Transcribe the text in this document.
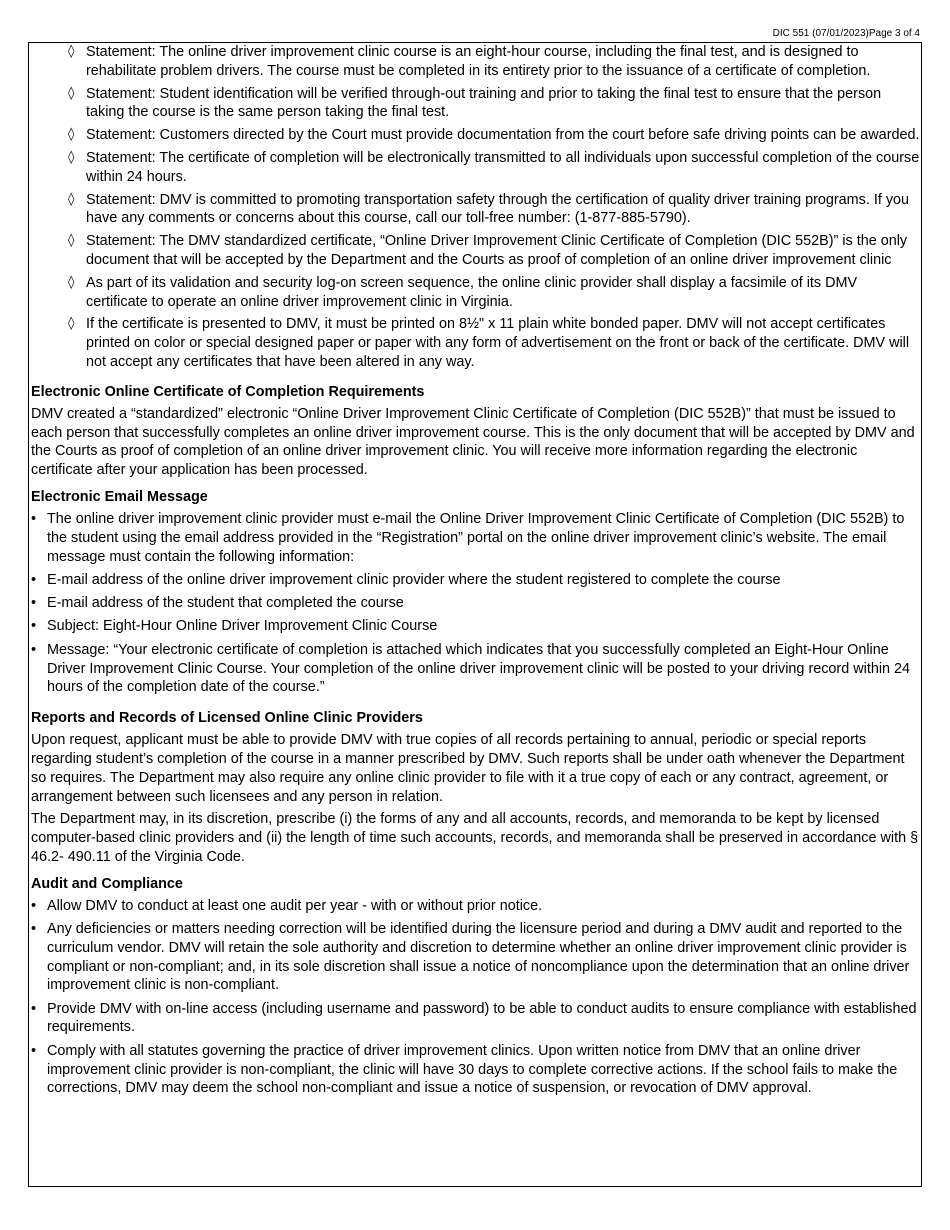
DIC 551 (07/01/2023)Page 3 of 4
◊ Statement: The online driver improvement clinic course is an eight-hour course, including the final test, and is designed to rehabilitate problem drivers. The course must be completed in its entirety prior to the issuance of a certificate of completion.
◊ Statement: Student identification will be verified through-out training and prior to taking the final test to ensure that the person taking the course is the same person taking the final test.
◊ Statement: Customers directed by the Court must provide documentation from the court before safe driving points can be awarded.
◊ Statement: The certificate of completion will be electronically transmitted to all individuals upon successful completion of the course within 24 hours.
◊ Statement: DMV is committed to promoting transportation safety through the certification of quality driver training programs. If you have any comments or concerns about this course, call our toll-free number: (1-877-885-5790).
◊ Statement: The DMV standardized certificate, “Online Driver Improvement Clinic Certificate of Completion (DIC 552B)” is the only document that will be accepted by the Department and the Courts as proof of completion of an online driver improvement clinic
◊ As part of its validation and security log-on screen sequence, the online clinic provider shall display a facsimile of its DMV certificate to operate an online driver improvement clinic in Virginia.
◊ If the certificate is presented to DMV, it must be printed on 8½" x 11 plain white bonded paper. DMV will not accept certificates printed on color or special designed paper or paper with any form of advertisement on the front or back of the certificate. DMV will not accept any certificates that have been altered in any way.
Electronic Online Certificate of Completion Requirements

DMV created a “standardized” electronic “Online Driver Improvement Clinic Certificate of Completion (DIC 552B)” that must be issued to each person that successfully completes an online driver improvement course. This is the only document that will be accepted by DMV and the Courts as proof of completion of an online driver improvement clinic. You will receive more information regarding the electronic certificate after your application has been processed.

Electronic Email Message
• The online driver improvement clinic provider must e-mail the Online Driver Improvement Clinic Certificate of Completion (DIC 552B) to the student using the email address provided in the “Registration” portal on the online driver improvement clinic’s website. The email message must contain the following information:
• E-mail address of the online driver improvement clinic provider where the student registered to complete the course
• E-mail address of the student that completed the course
• Subject: Eight-Hour Online Driver Improvement Clinic Course
• Message: “Your electronic certificate of completion is attached which indicates that you successfully completed an Eight-Hour Online Driver Improvement Clinic Course. Your completion of the online driver improvement clinic will be posted to your driving record within 24 hours of the completion date of the course.”
Reports and Records of Licensed Online Clinic Providers

Upon request, applicant must be able to provide DMV with true copies of all records pertaining to annual, periodic or special reports regarding student’s completion of the course in a manner prescribed by DMV. Such reports shall be under oath whenever the Department so requires. The Department may also require any online clinic provider to file with it a true copy of each or any contract, agreement, or arrangement between such licensees and any person in relation.

The Department may, in its discretion, prescribe (i) the forms of any and all accounts, records, and memoranda to be kept by licensed computer-based clinic providers and (ii) the length of time such accounts, records, and memoranda shall be preserved in accordance with § 46.2- 490.11 of the Virginia Code.

Audit and Compliance
• Allow DMV to conduct at least one audit per year - with or without prior notice.
• Any deficiencies or matters needing correction will be identified during the licensure period and during a DMV audit and reported to the curriculum vendor. DMV will retain the sole authority and discretion to determine whether an online driver improvement clinic provider is compliant or non-compliant; and, in its sole discretion shall issue a notice of noncompliance upon the determination that an online driver improvement clinic is non-compliant.
• Provide DMV with on-line access (including username and password) to be able to conduct audits to ensure compliance with established requirements.
• Comply with all statutes governing the practice of driver improvement clinics. Upon written notice from DMV that an online driver improvement clinic provider is non-compliant, the clinic will have 30 days to complete corrective actions. If the school fails to make the corrections, DMV may deem the school non-compliant and issue a notice of suspension, or revocation of DMV approval.
